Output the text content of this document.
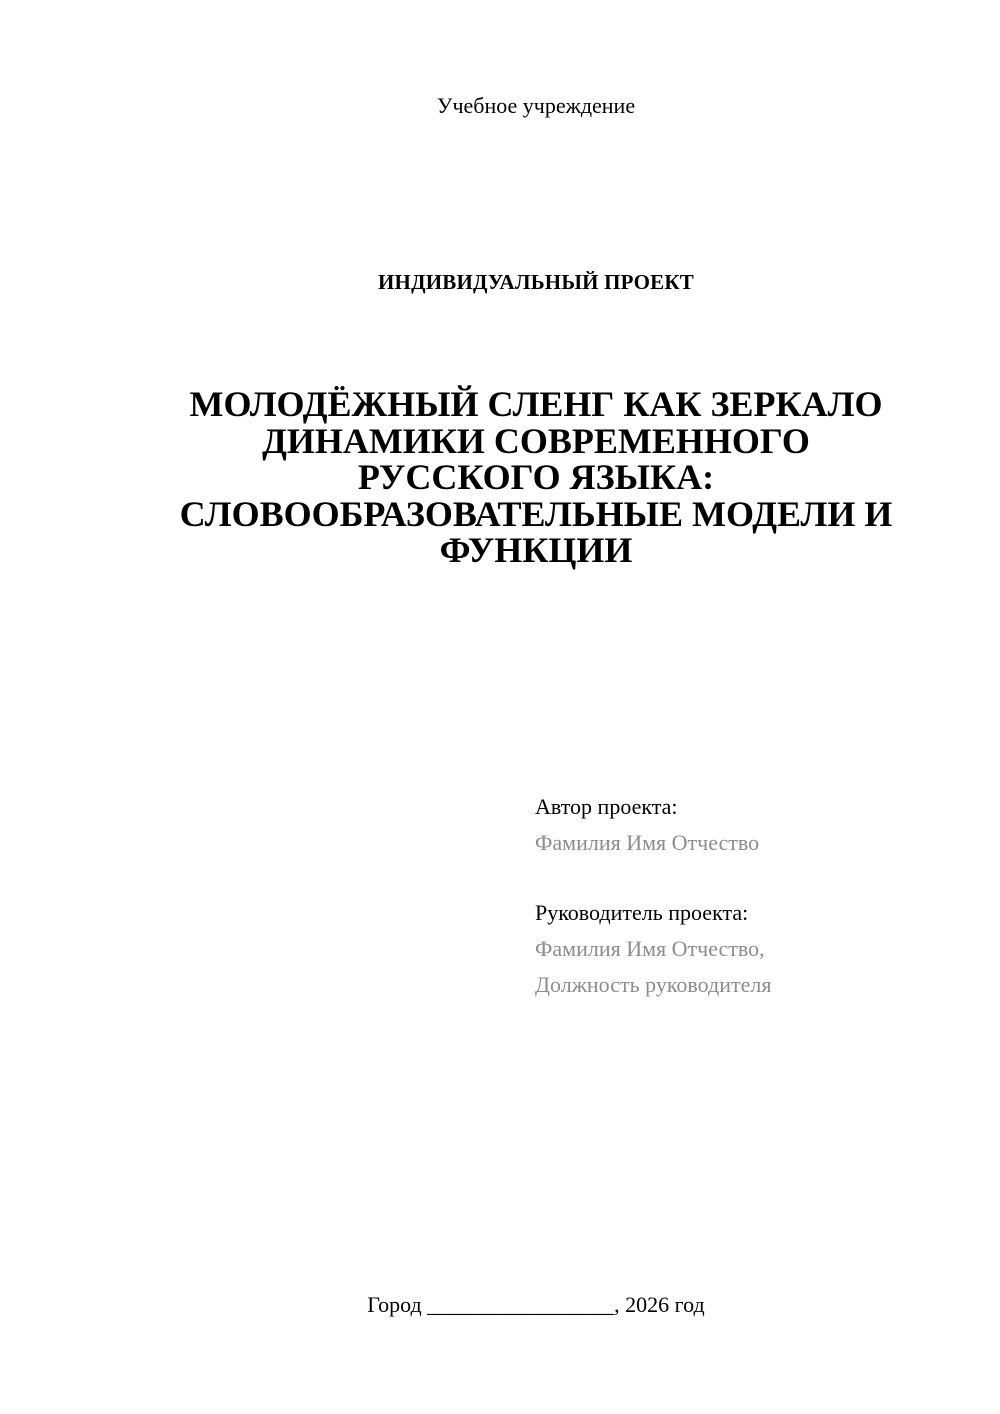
Учебное учреждение
ИНДИВИДУАЛЬНЫЙ ПРОЕКТ
МОЛОДЁЖНЫЙ СЛЕНГ КАК ЗЕРКАЛО
ДИНАМИКИ СОВРЕМЕННОГО
РУССКОГО ЯЗЫКА:
СЛОВООБРАЗОВАТЕЛЬНЫЕ МОДЕЛИ И
ФУНКЦИИ
Автор проекта:
Фамилия Имя Отчество
Руководитель проекта:
Фамилия Имя Отчество,
Должность руководителя
Город _________________, 2026 год
